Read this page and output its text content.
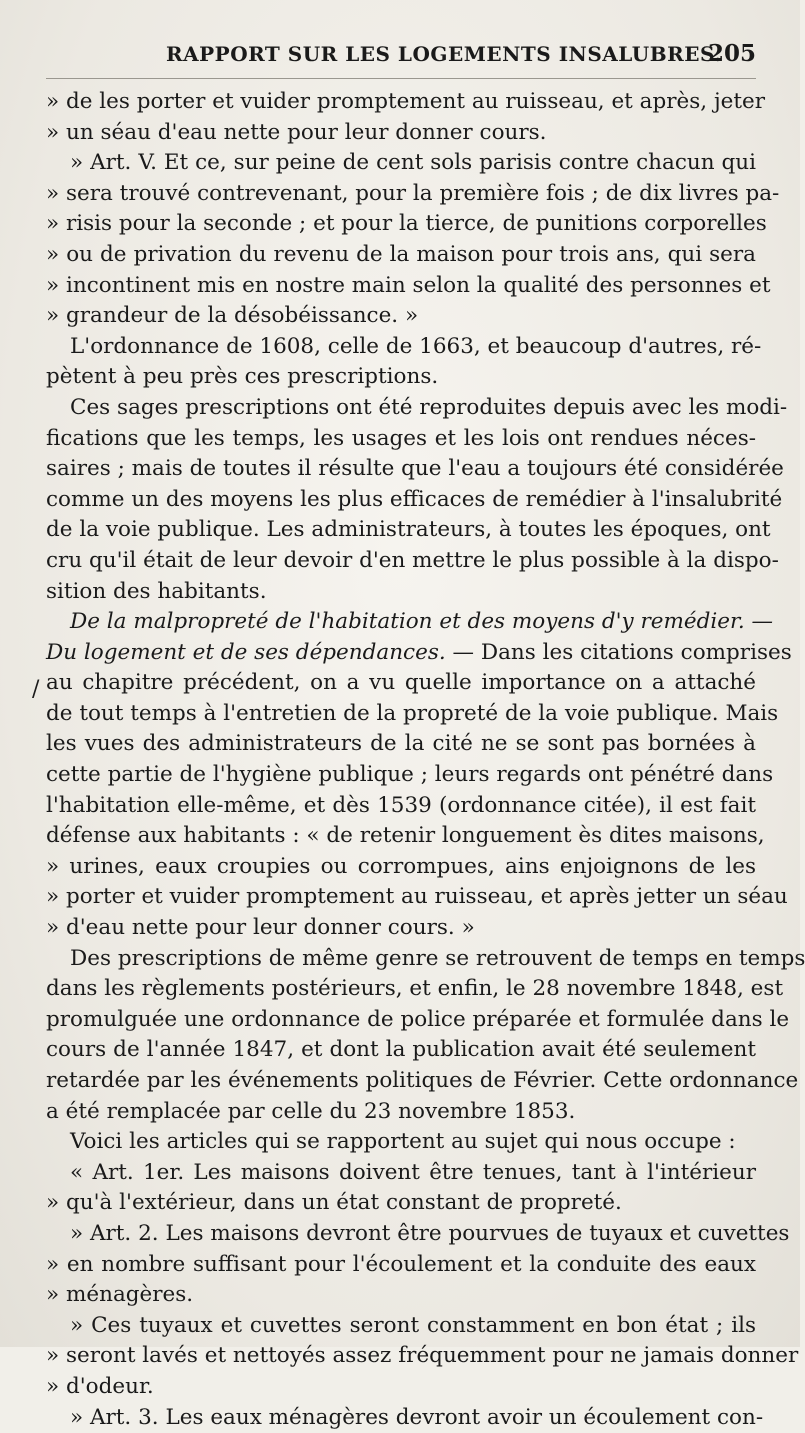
RAPPORT SUR LES LOGEMENTS INSALUBRES.
205
/
» de les porter et vuider promptement au ruisseau, et après, jeter
» un séau d'eau nette pour leur donner cours.
» Art. V. Et ce, sur peine de cent sols parisis contre chacun qui
» sera trouvé contrevenant, pour la première fois ; de dix livres pa-
» risis pour la seconde ; et pour la tierce, de punitions corporelles
» ou de privation du revenu de la maison pour trois ans, qui sera
» incontinent mis en nostre main selon la qualité des personnes et
» grandeur de la désobéissance. »
L'ordonnance de 1608, celle de 1663, et beaucoup d'autres, ré-
pètent à peu près ces prescriptions.
Ces sages prescriptions ont été reproduites depuis avec les modi-
fications que les temps, les usages et les lois ont rendues néces-
saires ; mais de toutes il résulte que l'eau a toujours été considérée
comme un des moyens les plus efficaces de remédier à l'insalubrité
de la voie publique. Les administrateurs, à toutes les époques, ont
cru qu'il était de leur devoir d'en mettre le plus possible à la dispo-
sition des habitants.
De la malpropreté de l'habitation et des moyens d'y remédier. —
Du logement et de ses dépendances. — Dans les citations comprises
au chapitre précédent, on a vu quelle importance on a attaché
de tout temps à l'entretien de la propreté de la voie publique. Mais
les vues des administrateurs de la cité ne se sont pas bornées à
cette partie de l'hygiène publique ; leurs regards ont pénétré dans
l'habitation elle-même, et dès 1539 (ordonnance citée), il est fait
défense aux habitants : « de retenir longuement ès dites maisons,
» urines, eaux croupies ou corrompues, ains enjoignons de les
» porter et vuider promptement au ruisseau, et après jetter un séau
» d'eau nette pour leur donner cours. »
Des prescriptions de même genre se retrouvent de temps en temps
dans les règlements postérieurs, et enfin, le 28 novembre 1848, est
promulguée une ordonnance de police préparée et formulée dans le
cours de l'année 1847, et dont la publication avait été seulement
retardée par les événements politiques de Février. Cette ordonnance
a été remplacée par celle du 23 novembre 1853.
Voici les articles qui se rapportent au sujet qui nous occupe :
« Art. 1er. Les maisons doivent être tenues, tant à l'intérieur
» qu'à l'extérieur, dans un état constant de propreté.
» Art. 2. Les maisons devront être pourvues de tuyaux et cuvettes
» en nombre suffisant pour l'écoulement et la conduite des eaux
» ménagères.
» Ces tuyaux et cuvettes seront constamment en bon état ; ils
» seront lavés et nettoyés assez fréquemment pour ne jamais donner
» d'odeur.
» Art. 3. Les eaux ménagères devront avoir un écoulement con-
